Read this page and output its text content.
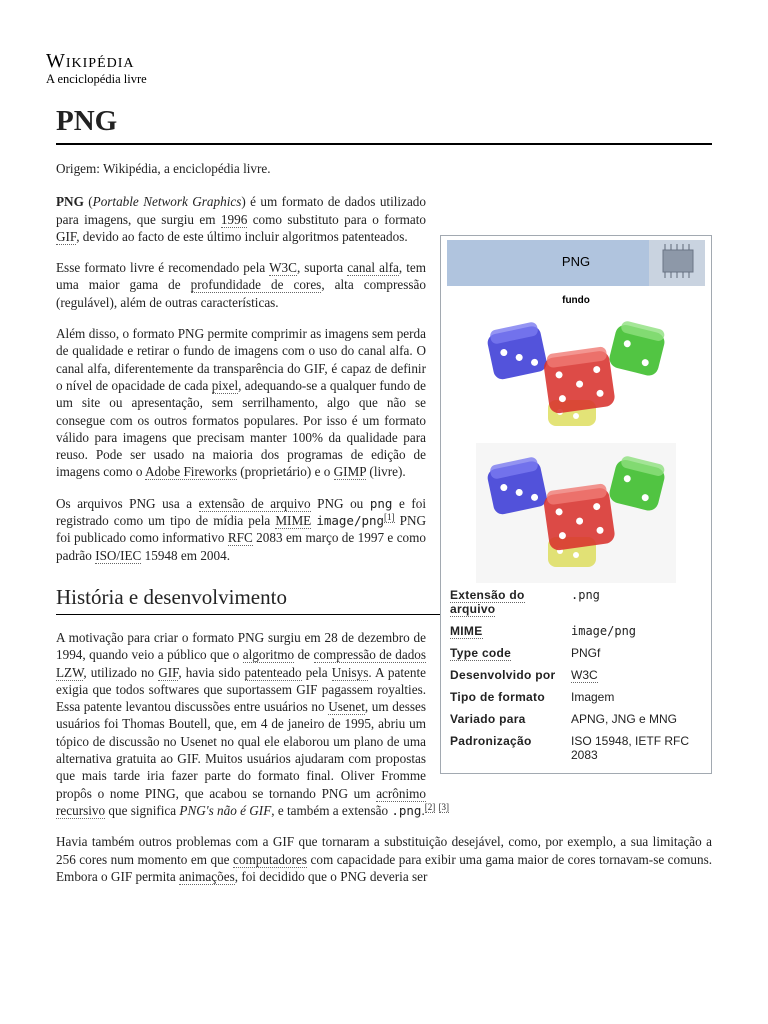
Wikipédia
A enciclopédia livre
PNG

Origem: Wikipédia, a enciclopédia livre.

PNG
fundo
Extensão do arquivo	.png
MIME	image/png
Type code	PNGf
Desenvolvido por	W3C
Tipo de formato	Imagem
Variado para	APNG, JNG e MNG
Padronização	ISO 15948, IETF RFC 2083

PNG (Portable Network Graphics) é um formato de dados utilizado para imagens, que surgiu em 1996 como substituto para o formato GIF, devido ao facto de este último incluir algoritmos patenteados.

Esse formato livre é recomendado pela W3C, suporta canal alfa, tem uma maior gama de profundidade de cores, alta compressão (regulável), além de outras características.

Além disso, o formato PNG permite comprimir as imagens sem perda de qualidade e retirar o fundo de imagens com o uso do canal alfa. O canal alfa, diferentemente da transparência do GIF, é capaz de definir o nível de opacidade de cada pixel, adequando-se a qualquer fundo de um site ou apresentação, sem serrilhamento, algo que não se consegue com os outros formatos populares. Por isso é um formato válido para imagens que precisam manter 100% da qualidade para reuso. Pode ser usado na maioria dos programas de edição de imagens como o Adobe Fireworks (proprietário) e o GIMP (livre).

Os arquivos PNG usa a extensão de arquivo PNG ou png e foi registrado como um tipo de mídia pela MIME image/png[1] PNG foi publicado como informativo RFC 2083 em março de 1997 e como padrão ISO/IEC 15948 em 2004.

História e desenvolvimento

A motivação para criar o formato PNG surgiu em 28 de dezembro de 1994, quando veio a público que o algoritmo de compressão de dados LZW, utilizado no GIF, havia sido patenteado pela Unisys. A patente exigia que todos softwares que suportassem GIF pagassem royalties. Essa patente levantou discussões entre usuários no Usenet, um desses usuários foi Thomas Boutell, que, em 4 de janeiro de 1995, abriu um tópico de discussão no Usenet no qual ele elaborou um plano de uma alternativa gratuita ao GIF. Muitos usuários ajudaram com propostas que mais tarde iria fazer parte do formato final. Oliver Fromme propôs o nome PING, que acabou se tornando PNG um acrônimo recursivo que significa PNG's não é GIF, e também a extensão .png.[2] [3]

Havia também outros problemas com a GIF que tornaram a substituição desejável, como, por exemplo, a sua limitação a 256 cores num momento em que computadores com capacidade para exibir uma gama maior de cores tornavam-se comuns. Embora o GIF permita animações, foi decidido que o PNG deveria ser
